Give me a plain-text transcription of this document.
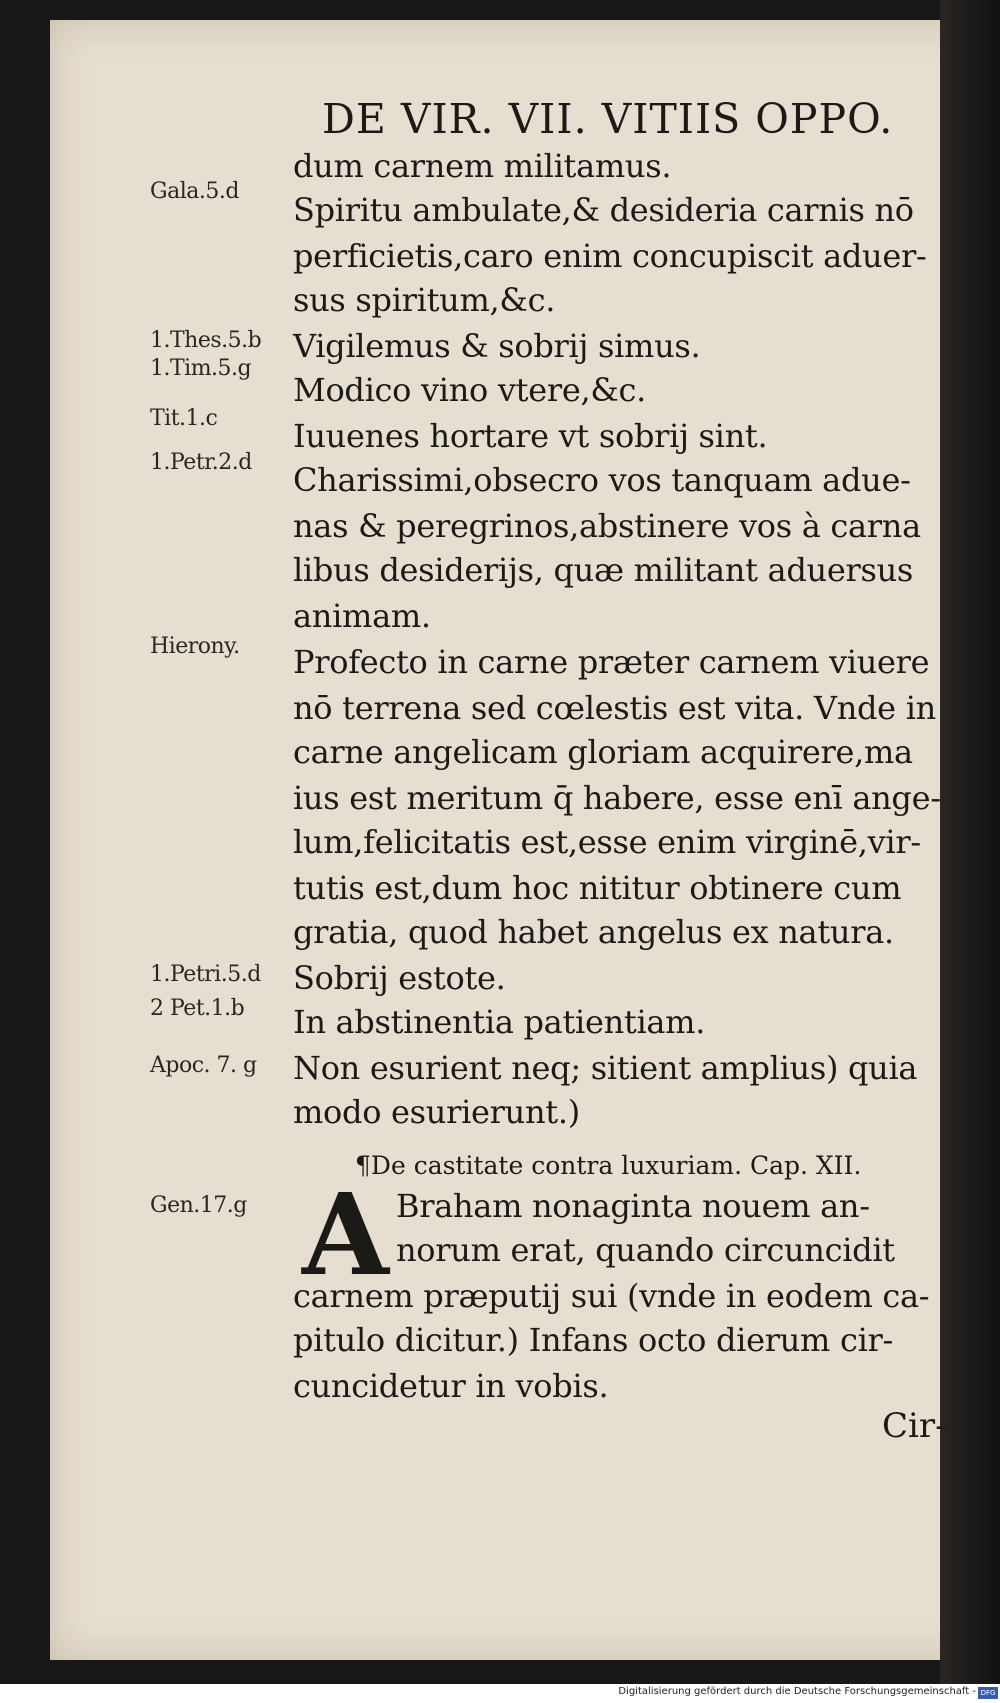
DE VIR. VII. VITIIS OPPO.
Gala.5.d
1.Thes.5.b
1.Tim.5.g
Tit.1.c
1.Petr.2.d
Hierony.
1.Petri.5.d
2 Pet.1.b
Apoc. 7. g
Gen.17.g
dum carnem militamus.
Spiritu ambulate,& desideria carnis nō
perficietis,caro enim concupiscit aduer-
sus spiritum,&c.
Vigilemus & sobrij simus.
Modico vino vtere,&c.
Iuuenes hortare vt sobrij sint.
Charissimi,obsecro vos tanquam adue-
nas & peregrinos,abstinere vos à carna
libus desiderijs, quæ militant aduersus
animam.
Profecto in carne præter carnem viuere
nō terrena sed cœlestis est vita. Vnde in
carne angelicam gloriam acquirere,ma
ius est meritum q̄ habere, esse enī ange-
lum,felicitatis est,esse enim virginē,vir-
tutis est,dum hoc nititur obtinere cum
gratia, quod habet angelus ex natura.
Sobrij estote.
In abstinentia patientiam.
Non esurient neq; sitient amplius) quia
modo esurierunt.)
¶De castitate contra luxuriam. Cap. XII.
A Braham nonaginta nouem an-
norum erat, quando circuncidit
carnem præputij sui (vnde in eodem ca-
pitulo dicitur.) Infans octo dierum cir-
cuncidetur in vobis.
Cir-
Digitalisierung gefördert durch die Deutsche Forschungsgemeinschaft - DFG
